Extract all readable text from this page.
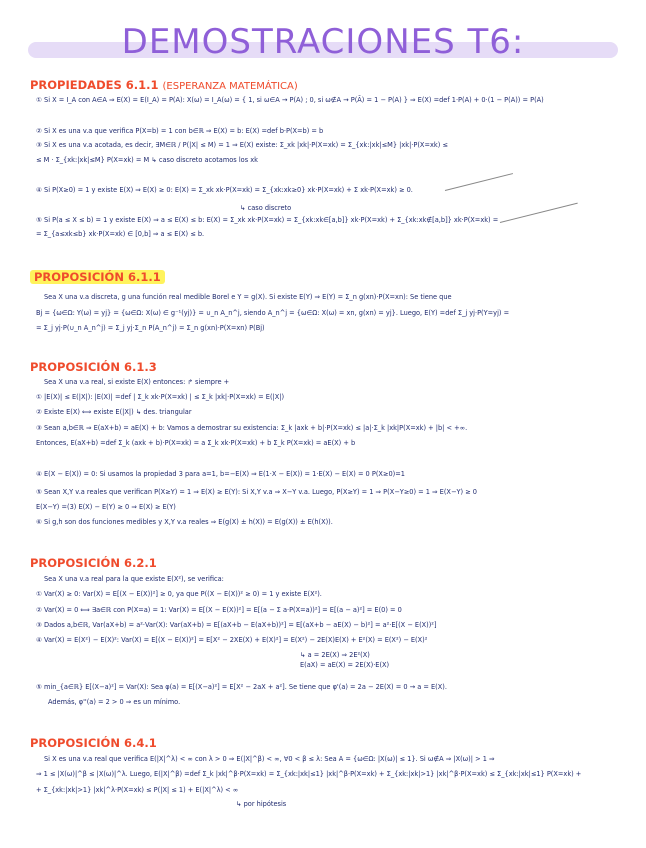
DEMOSTRACIONES T6:
PROPIEDADES 6.1.1 (ESPERANZA MATEMÁTICA)
① Si X = I_A con A∈A ⇒ E(X) = E(I_A) = P(A): X(ω) = I_A(ω) = { 1, si ω∈A → P(A) ; 0, si ω∉A → P(Ā) = 1 − P(A) } ⇒ E(X) =def 1·P(A) + 0·(1 − P(A)) = P(A)
② Si X es una v.a que verifica P(X=b) = 1 con b∈ℝ ⇒ E(X) = b: E(X) =def b·P(X=b) = b
③ Si X es una v.a acotada, es decir, ∃M∈ℝ / P(|X| ≤ M) = 1 ⇒ E(X) existe: Σ_xk |xk|·P(X=xk) = Σ_{xk:|xk|≤M} |xk|·P(X=xk) ≤
≤ M · Σ_{xk:|xk|≤M} P(X=xk) = M ↳ caso discreto acotamos los xk
④ Si P(X≥0) = 1 y existe E(X) ⇒ E(X) ≥ 0: E(X) = Σ_xk xk·P(X=xk) = Σ_{xk:xk≥0} xk·P(X=xk) + Σ xk·P(X=xk) ≥ 0.
↳ caso discreto
⑤ Si P(a ≤ X ≤ b) = 1 y existe E(X) ⇒ a ≤ E(X) ≤ b: E(X) = Σ_xk xk·P(X=xk) = Σ_{xk:xk∈[a,b]} xk·P(X=xk) + Σ_{xk:xk∉[a,b]} xk·P(X=xk) =
= Σ_{a≤xk≤b} xk·P(X=xk) ∈ [0,b] ⇒ a ≤ E(X) ≤ b.
PROPOSICIÓN 6.1.1
Sea X una v.a discreta, g una función real medible Borel e Y = g(X). Si existe E(Y) ⇒ E(Y) = Σ_n g(xn)·P(X=xn): Se tiene que
Bj = {ω∈Ω: Y(ω) = yj} = {ω∈Ω: X(ω) ∈ g⁻¹(yj)} = ∪_n A_n^j, siendo A_n^j = {ω∈Ω: X(ω) = xn, g(xn) = yj}. Luego, E(Y) =def Σ_j yj·P(Y=yj) =
= Σ_j yj·P(∪_n A_n^j) = Σ_j yj·Σ_n P(A_n^j) = Σ_n g(xn)·P(X=xn) P(Bj)
PROPOSICIÓN 6.1.3
Sea X una v.a real, si existe E(X) entonces: ↱ siempre +
① |E(X)| ≤ E(|X|): |E(X)| =def | Σ_k xk·P(X=xk) | ≤ Σ_k |xk|·P(X=xk) = E(|X|)
② Existe E(X) ⟺ existe E(|X|) ↳ des. triangular
③ Sean a,b∈ℝ ⇒ E(aX+b) = aE(X) + b: Vamos a demostrar su existencia: Σ_k |axk + b|·P(X=xk) ≤ |a|·Σ_k |xk|P(X=xk) + |b| < +∞.
Entonces, E(aX+b) =def Σ_k (axk + b)·P(X=xk) = a Σ_k xk·P(X=xk) + b Σ_k P(X=xk) = aE(X) + b
④ E(X − E(X)) = 0: Si usamos la propiedad 3 para a=1, b=−E(X) ⇒ E(1·X − E(X)) = 1·E(X) − E(X) = 0 P(X≥0)=1
⑤ Sean X,Y v.a reales que verifican P(X≥Y) = 1 ⇒ E(X) ≥ E(Y): Si X,Y v.a ⇒ X−Y v.a. Luego, P(X≥Y) = 1 ⇒ P(X−Y≥0) = 1 ⇒ E(X−Y) ≥ 0
E(X−Y) =(3) E(X) − E(Y) ≥ 0 ⇒ E(X) ≥ E(Y)
⑥ Si g,h son dos funciones medibles y X,Y v.a reales ⇒ E(g(X) ± h(X)) = E(g(X)) ± E(h(X)).
PROPOSICIÓN 6.2.1
Sea X una v.a real para la que existe E(X²), se verifica:
① Var(X) ≥ 0: Var(X) = E[(X − E(X))²] ≥ 0, ya que P((X − E(X))² ≥ 0) = 1 y existe E(X²).
② Var(X) = 0 ⟺ ∃a∈ℝ con P(X=a) = 1: Var(X) = E[(X − E(X))²] = E[(a − Σ a·P(X=a))²] = E[(a − a)²] = E(0) = 0
③ Dados a,b∈ℝ, Var(aX+b) = a²·Var(X): Var(aX+b) = E[(aX+b − E(aX+b))²] = E[(aX+b − aE(X) − b)²] = a²·E[(X − E(X))²]
④ Var(X) = E(X²) − E(X)²: Var(X) = E[(X − E(X))²] = E[X² − 2XE(X) + E(X)²] = E(X²) − 2E(X)E(X) + E²(X) = E(X²) − E(X)²
↳ a = 2E(X) ⇒ 2E²(X)
E(aX) = aE(X) = 2E(X)·E(X)
⑤ min_{a∈ℝ} E[(X−a)²] = Var(X): Sea φ(a) = E[(X−a)²] = E[X² − 2aX + a²]. Se tiene que φ'(a) = 2a − 2E(X) = 0 → a = E(X).
Además, φ''(a) = 2 > 0 ⇒ es un mínimo.
PROPOSICIÓN 6.4.1
Si X es una v.a real que verifica E(|X|^λ) < ∞ con λ > 0 ⇒ E(|X|^β) < ∞, ∀0 < β ≤ λ: Sea A = {ω∈Ω: |X(ω)| ≤ 1}. Si ω∉A ⇒ |X(ω)| > 1 ⇒
⇒ 1 ≤ |X(ω)|^β ≤ |X(ω)|^λ. Luego, E(|X|^β) =def Σ_k |xk|^β·P(X=xk) = Σ_{xk:|xk|≤1} |xk|^β·P(X=xk) + Σ_{xk:|xk|>1} |xk|^β·P(X=xk) ≤ Σ_{xk:|xk|≤1} P(X=xk) +
+ Σ_{xk:|xk|>1} |xk|^λ·P(X=xk) ≤ P(|X| ≤ 1) + E(|X|^λ) < ∞
↳ por hipótesis
